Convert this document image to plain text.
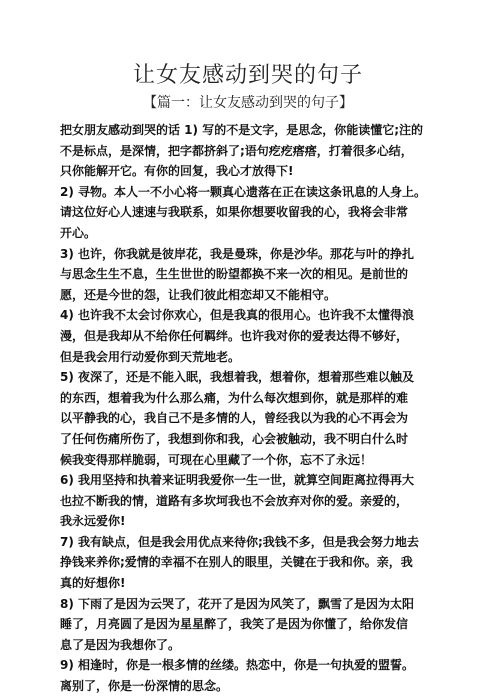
让女友感动到哭的句子
【篇一：让女友感动到哭的句子】
把女朋友感动到哭的话 1) 写的不是文字，是思念，你能读懂它;注的
不是标点，是深情，把字都挤斜了;语句疙疙瘩瘩，打着很多心结，
只你能解开它。有你的回复，我心才放得下!
2) 寻物。本人一不小心将一颗真心遗落在正在读这条讯息的人身上。
请这位好心人速速与我联系，如果你想要收留我的心，我将会非常
开心。
3) 也许，你我就是彼岸花，我是曼珠，你是沙华。那花与叶的挣扎
与思念生生不息，生生世世的盼望都换不来一次的相见。是前世的
愿，还是今世的怨，让我们彼此相恋却又不能相守。
4) 也许我不太会讨你欢心，但是我真的很用心。也许我不太懂得浪
漫，但是我却从不给你任何羁绊。也许我对你的爱表达得不够好，
但是我会用行动爱你到天荒地老。
5) 夜深了，还是不能入眠，我想着我，想着你，想着那些难以触及
的东西，想着我为什么那么痛，为什么每次想到你，就是那样的难
以平静我的心，我自己不是多情的人，曾经我以为我的心不再会为
了任何伤痛所伤了，我想到你和我，心会被触动，我不明白什么时
候我变得那样脆弱，可现在心里藏了一个你，忘不了永远！
6) 我用坚持和执着来证明我爱你一生一世，就算空间距离拉得再大
也拉不断我的情，道路有多坎坷我也不会放弃对你的爱。亲爱的，
我永远爱你!
7) 我有缺点，但是我会用优点来待你;我钱不多，但是我会努力地去
挣钱来养你;爱情的幸福不在别人的眼里，关键在于我和你。亲，我
真的好想你!
8) 下雨了是因为云哭了，花开了是因为风笑了，飘雪了是因为太阳
睡了，月亮圆了是因为星星醉了，我笑了是因为你懂了，给你发信
息了是因为我想你了。
9) 相逢时，你是一根多情的丝缕。热恋中，你是一句执爱的盟誓。
离别了，你是一份深情的思念。
